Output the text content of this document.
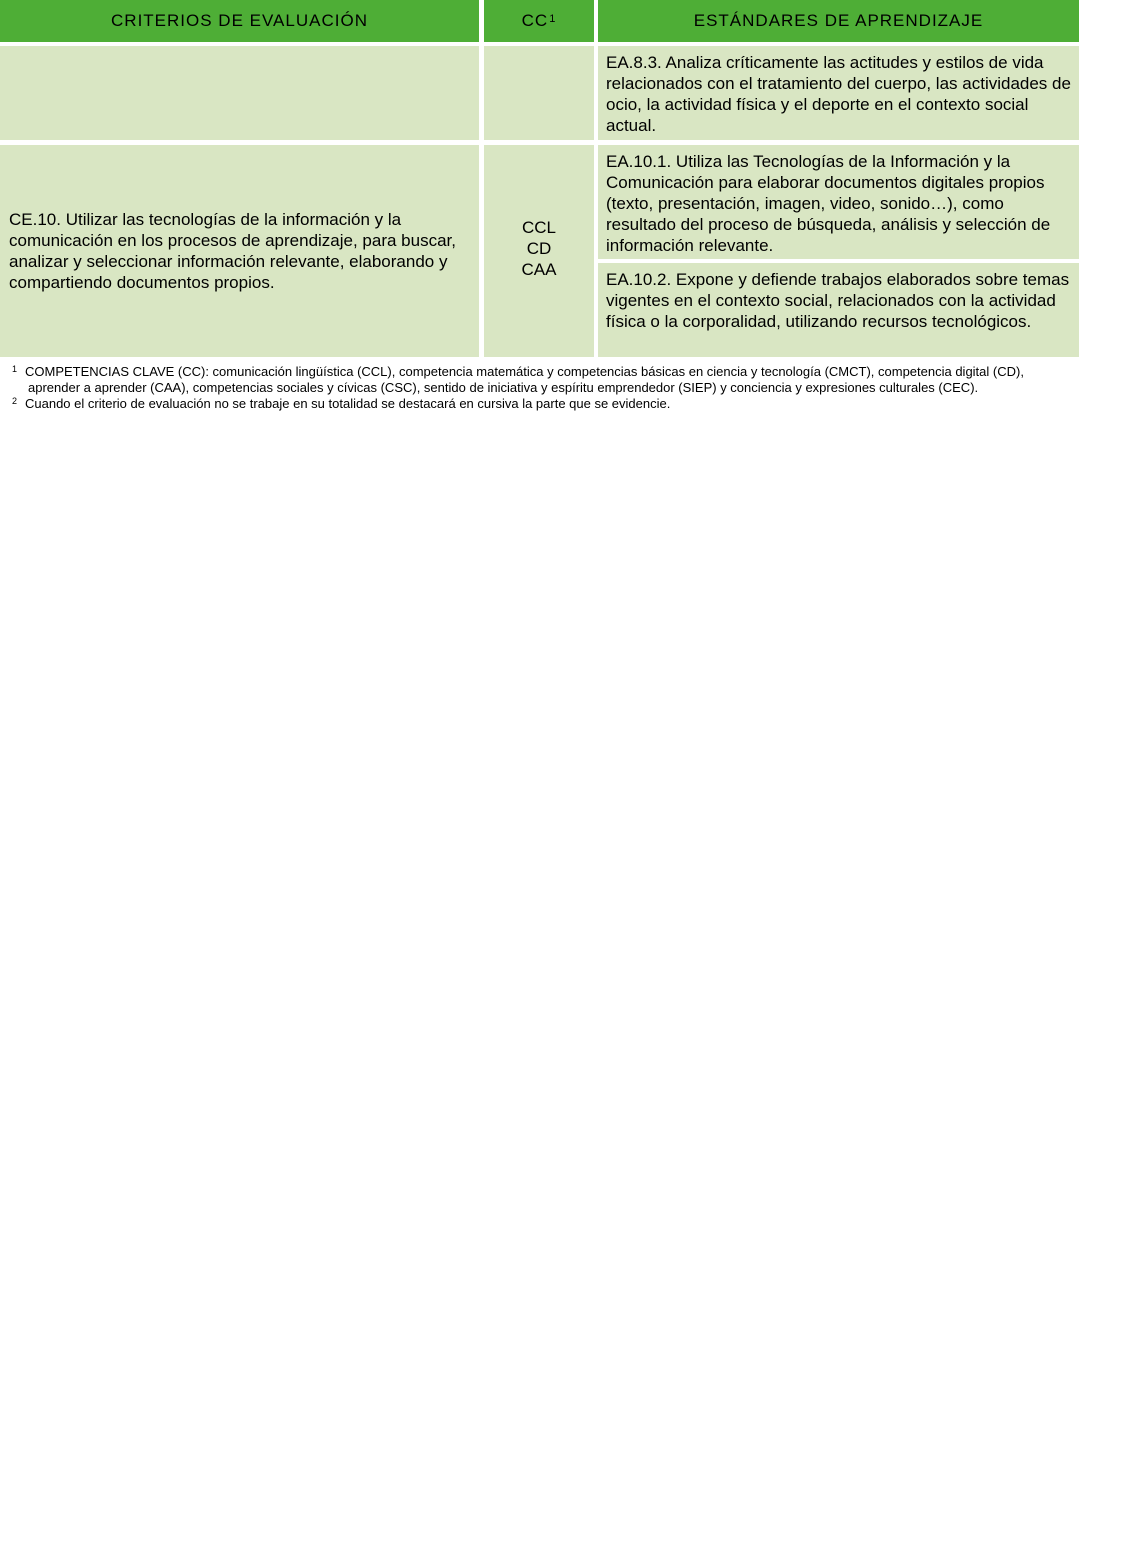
CRITERIOS DE EVALUACIÓN	$CC^1$	ESTÁNDARES DE APRENDIZAJE
EA.8.3. Analiza críticamente las actitudes y estilos de vida relacionados con el tratamiento del cuerpo, las actividades de ocio, la actividad física y el deporte en el contexto social actual.
CE.10. Utilizar las tecnologías de la información y la comunicación en los procesos de aprendizaje, para buscar, analizar y seleccionar información relevante, elaborando y compartiendo documentos propios.
CCL
CD
CAA
EA.10.1. Utiliza las Tecnologías de la Información y la Comunicación para elaborar documentos digitales propios (texto, presentación, imagen, video, sonido…), como resultado del proceso de búsqueda, análisis y selección de información relevante.
EA.10.2. Expone y defiende trabajos elaborados sobre temas vigentes en el contexto social, relacionados con la actividad física o la corporalidad, utilizando recursos tecnológicos.
1 COMPETENCIAS CLAVE (CC): comunicación lingüística (CCL), competencia matemática y competencias básicas en ciencia y tecnología (CMCT), competencia digital (CD), aprender a aprender (CAA), competencias sociales y cívicas (CSC), sentido de iniciativa y espíritu emprendedor (SIEP) y conciencia y expresiones culturales (CEC).
2 Cuando el criterio de evaluación no se trabaje en su totalidad se destacará en cursiva la parte que se evidencie.
